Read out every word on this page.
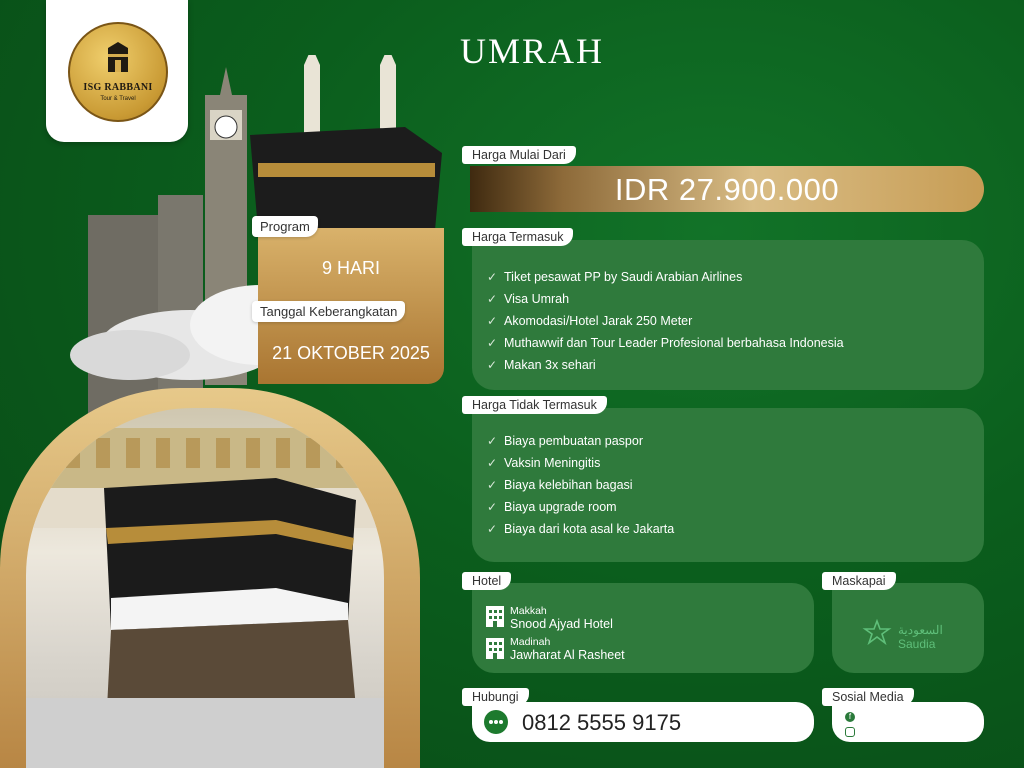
ISG RABBANI
Tour & Travel
UMRAH
9 HARI
21 OKTOBER 2025
Program
Tanggal Keberangkatan
IDR 27.900.000
Harga Mulai Dari
✓ Tiket pesawat PP by Saudi Arabian Airlines
✓ Visa Umrah
✓ Akomodasi/Hotel Jarak 250 Meter
✓ Muthawwif dan Tour Leader Profesional berbahasa Indonesia
✓ Makan 3x sehari
Harga Termasuk
✓ Biaya pembuatan paspor
✓ Vaksin Meningitis
✓ Biaya kelebihan bagasi
✓ Biaya upgrade room
✓ Biaya dari kota asal ke Jakarta
Harga Tidak Termasuk
Makkah
Snood Ajyad Hotel
Madinah
Jawharat Al Rasheet
Hotel
السعودية
Saudia
Maskapai
0812 5555 9175
Hubungi
f
Sosial Media
